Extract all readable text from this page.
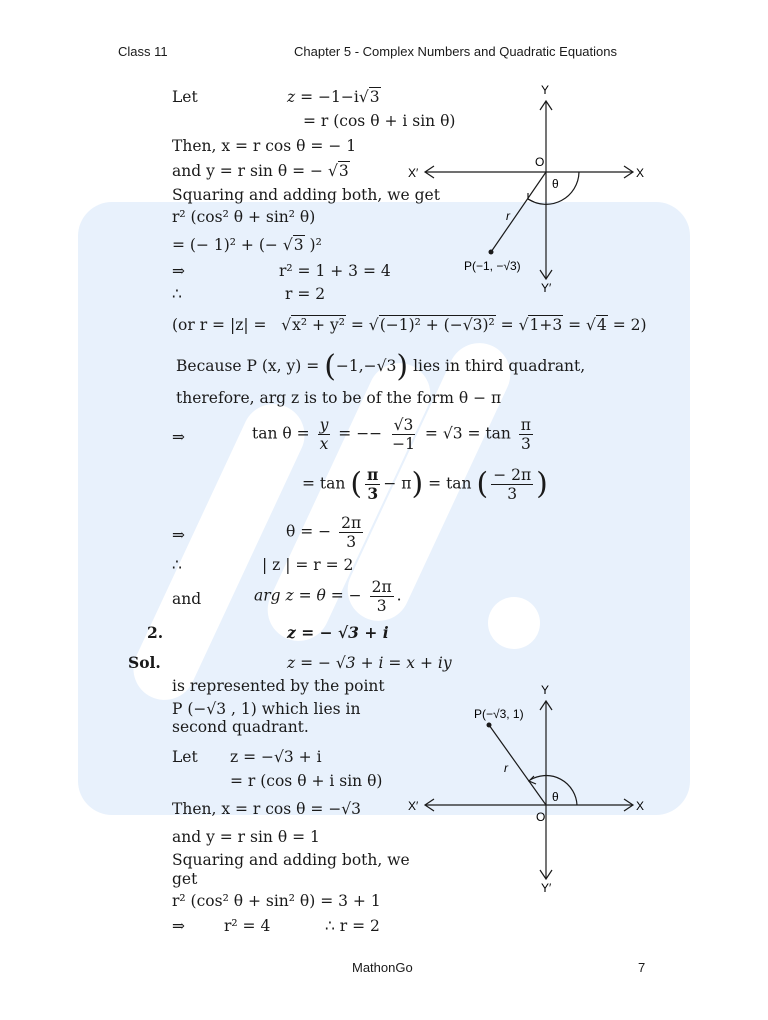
Class 11	Chapter 5 - Complex Numbers and Quadratic Equations
Let	z = −1−i√3
= r (cos θ + i sin θ)
Then, x = r cos θ = − 1
and y = r sin θ = − √3
Squaring and adding both, we get
r² (cos² θ + sin² θ)
= (− 1)² + (− √3 )²
⇒	r² = 1 + 3 = 4
∴	r = 2
(or r = |z| = √x² + y² = √(−1)² + (−√3)² = √1+3 = √4 = 2)
Because P (x, y) = (−1,−√3) lies in third quadrant,
therefore, arg z is to be of the form θ − π
⇒	$\tan \theta = \frac{y}{x}$ = −− $\frac{√3}{-1} = √3 = \tan \frac{\pi}{3}$
= tan ( $\frac{\pi}{3} - \pi) = \tan$ ( $\frac{- 2\pi}{3}$ )
⇒	θ = − $\frac{2\pi}{3}$
∴	| z | = r = 2
and	arg z = θ = − $\frac{2\pi}{3}$ .
Y
Y′
X
X′
O
θ
r
P(−1, −√3)
2.	z = − √3 + i
Sol.	z = − √3 + i = x + iy
is represented by the point
P (−√3 , 1) which lies in
second quadrant.
Let z = −√3 + i
= r (cos θ + i sin θ)
Then, x = r cos θ = −√3
and y = r sin θ = 1
Squaring and adding both, we
get
r² (cos² θ + sin² θ) = 3 + 1
⇒	r² = 4	∴ r = 2
Y
Y′
X
X′
O
θ
r
P(−√3, 1)
MathonGo	7
